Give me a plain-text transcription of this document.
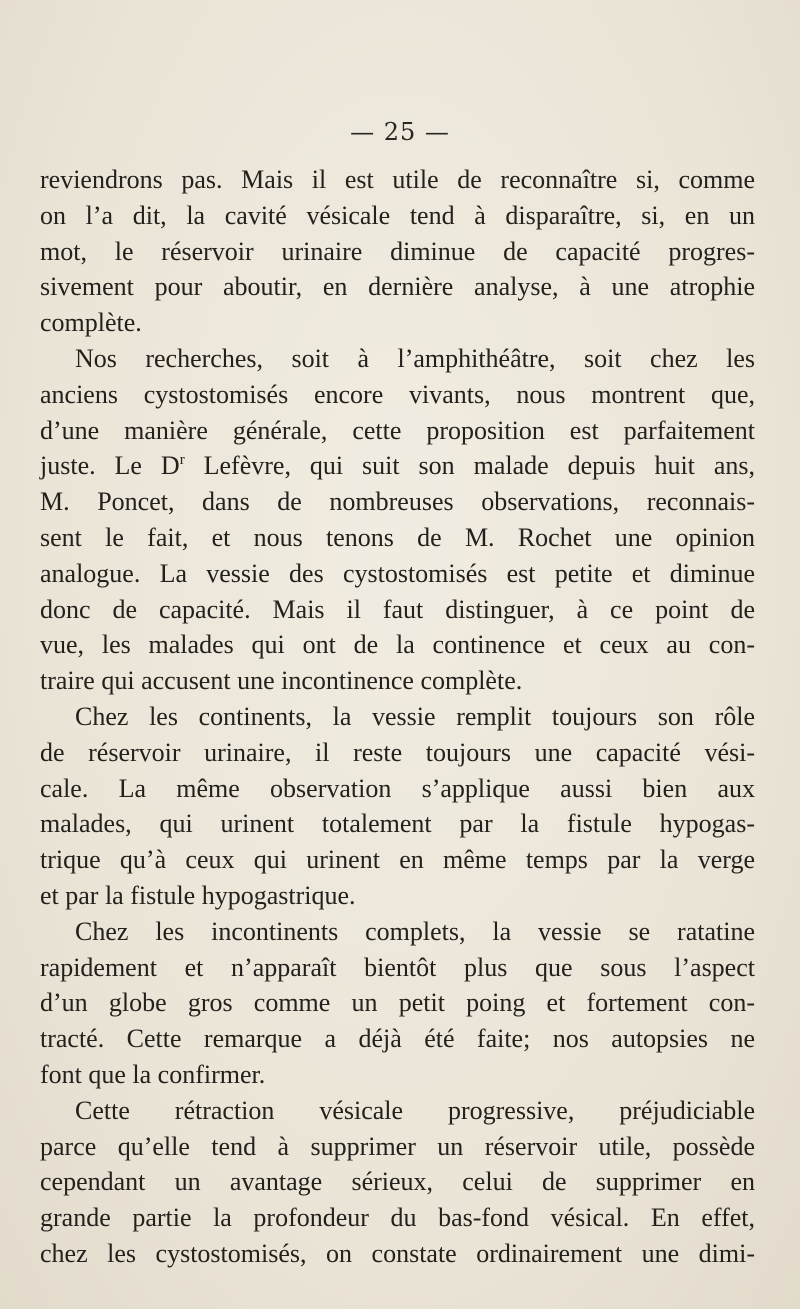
— 25 —
reviendrons pas. Mais il est utile de reconnaître si, comme
on l’a dit, la cavité vésicale tend à disparaître, si, en un
mot, le réservoir urinaire diminue de capacité progres-
sivement pour aboutir, en dernière analyse, à une atrophie
complète.
Nos recherches, soit à l’amphithéâtre, soit chez les
anciens cystostomisés encore vivants, nous montrent que,
d’une manière générale, cette proposition est parfaitement
juste. Le $D^r$ Lefèvre, qui suit son malade depuis huit ans,
M. Poncet, dans de nombreuses observations, reconnais-
sent le fait, et nous tenons de M. Rochet une opinion
analogue. La vessie des cystostomisés est petite et diminue
donc de capacité. Mais il faut distinguer, à ce point de
vue, les malades qui ont de la continence et ceux au con-
traire qui accusent une incontinence complète.
Chez les continents, la vessie remplit toujours son rôle
de réservoir urinaire, il reste toujours une capacité vési-
cale. La même observation s’applique aussi bien aux
malades, qui urinent totalement par la fistule hypogas-
trique qu’à ceux qui urinent en même temps par la verge
et par la fistule hypogastrique.
Chez les incontinents complets, la vessie se ratatine
rapidement et n’apparaît bientôt plus que sous l’aspect
d’un globe gros comme un petit poing et fortement con-
tracté. Cette remarque a déjà été faite; nos autopsies ne
font que la confirmer.
Cette rétraction vésicale progressive, préjudiciable
parce qu’elle tend à supprimer un réservoir utile, possède
cependant un avantage sérieux, celui de supprimer en
grande partie la profondeur du bas-fond vésical. En effet,
chez les cystostomisés, on constate ordinairement une dimi-
